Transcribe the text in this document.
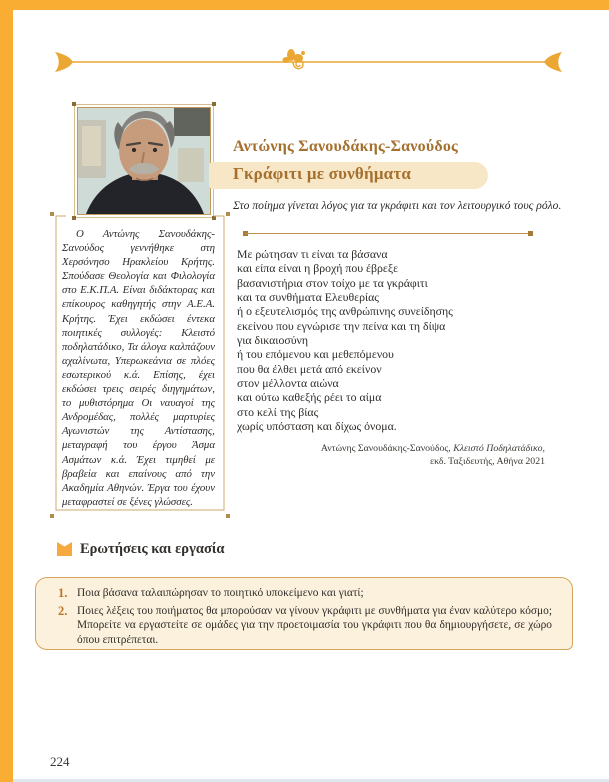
Ο Αντώνης Σανουδάκης-Σανούδος γεννήθηκε στη Χερσόνησο Ηρακλείου Κρήτης. Σπούδασε Θεολογία και Φιλολογία στο Ε.Κ.Π.Α. Είναι διδάκτορας και επίκουρος καθηγητής στην Α.Ε.Α. Κρήτης. Έχει εκδώσει έντεκα ποιητικές συλλογές: Κλειστό ποδηλατάδικο, Τα άλογα καλπάζουν αχαλίνωτα, Υπερωκεάνια σε πλόες εσωτερικού κ.ά. Επίσης, έχει εκδώσει τρεις σειρές διηγημάτων, το μυθιστόρημα Οι ναυαγοί της Ανδρομέδας, πολλές μαρτυρίες Αγωνιστών της Αντίστασης, μεταγραφή του έργου Άσμα Ασμάτων κ.ά. Έχει τιμηθεί με βραβεία και επαίνους από την Ακαδημία Αθηνών. Έργα του έχουν μεταφραστεί σε ξένες γλώσσες.
Αντώνης Σανουδάκης-Σανούδος
Γκράφιτι με συνθήματα
Στο ποίημα γίνεται λόγος για τα γκράφιτι και τον λειτουργικό τους ρόλο.
Με ρώτησαν τι είναι τα βάσανα
και είπα είναι η βροχή που έβρεξε
βασανιστήρια στον τοίχο με τα γκράφιτι
και τα συνθήματα Ελευθερίας
ή ο εξευτελισμός της ανθρώπινης συνείδησης
εκείνου που εγνώρισε την πείνα και τη δίψα
για δικαιοσύνη
ή του επόμενου και μεθεπόμενου
που θα έλθει μετά από εκείνον
στον μέλλοντα αιώνα
και ούτω καθεξής ρέει το αίμα
στο κελί της βίας
χωρίς υπόσταση και δίχως όνομα.
Αντώνης Σανουδάκης-Σανούδος, Κλειστό Ποδηλατάδικο,
εκδ. Ταξιδευτής, Αθήνα 2021
Ερωτήσεις και εργασία
1. Ποια βάσανα ταλαιπώρησαν το ποιητικό υποκείμενο και γιατί;
2. Ποιες λέξεις του ποιήματος θα μπορούσαν να γίνουν γκράφιτι με συνθήματα για έναν καλύτερο κόσμο; Μπορείτε να εργαστείτε σε ομάδες για την προετοιμασία του γκράφιτι που θα δημιουργήσετε, σε χώρο όπου επιτρέπεται.
224
